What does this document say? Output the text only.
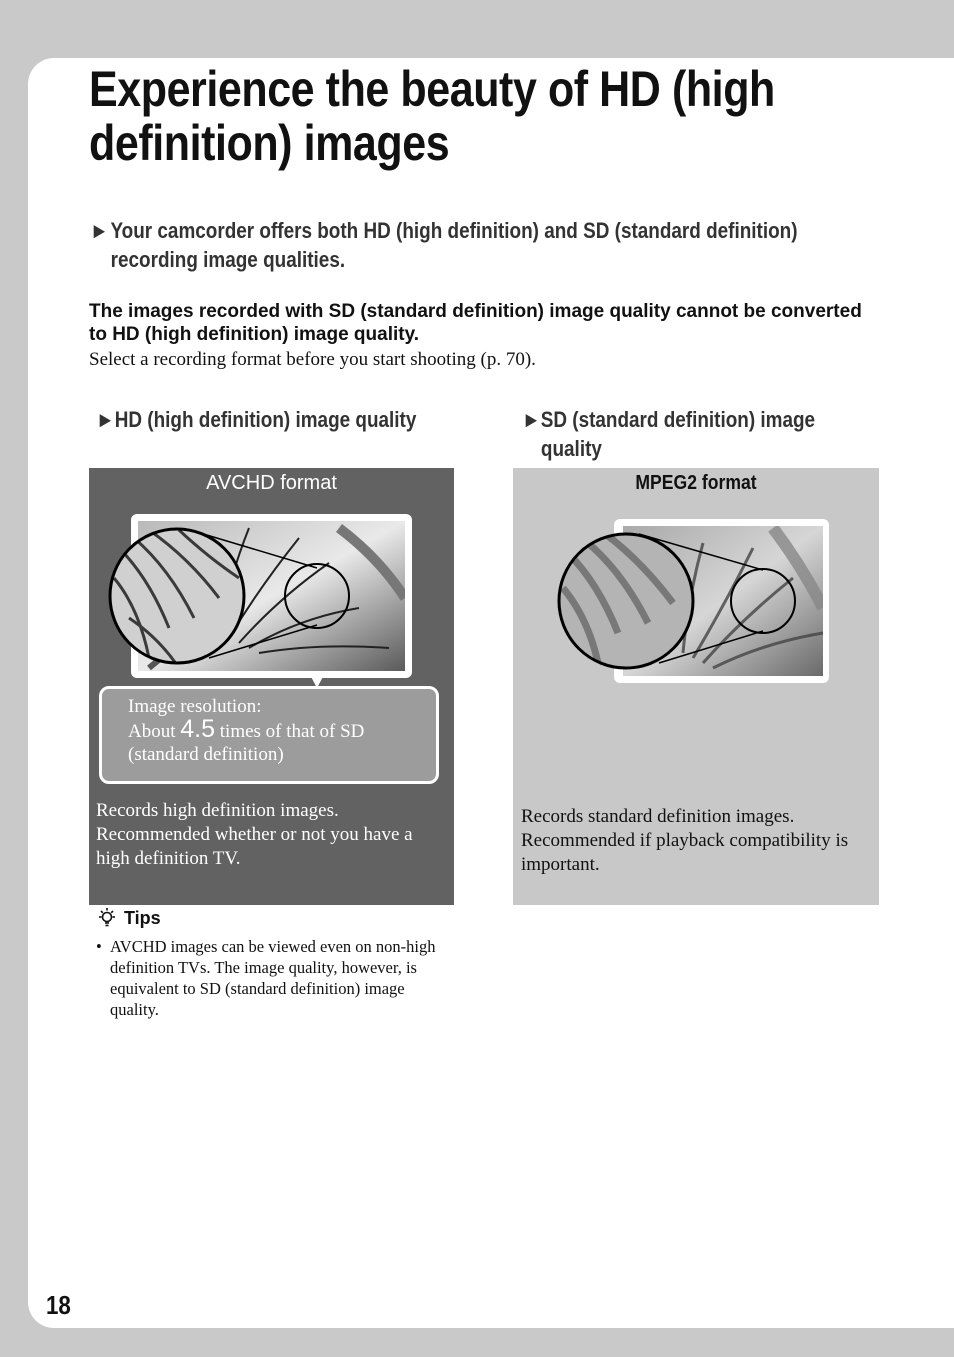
Experience the beauty of HD (high definition) images
►Your camcorder offers both HD (high definition) and SD (standard definition)
recording image qualities.
The images recorded with SD (standard definition) image quality cannot be converted to HD (high definition) image quality.
Select a recording format before you start shooting (p. 70).
►HD (high definition) image quality	►SD (standard definition) image
quality
AVCHD format
Image resolution:
About 4.5 times of that of SD
(standard definition)
Records high definition images. Recommended whether or not you have a high definition TV.
MPEG2 format
Records standard definition images. Recommended if playback compatibility is important.
Tips
• AVCHD images can be viewed even on non-high definition TVs. The image quality, however, is equivalent to SD (standard definition) image quality.
18
